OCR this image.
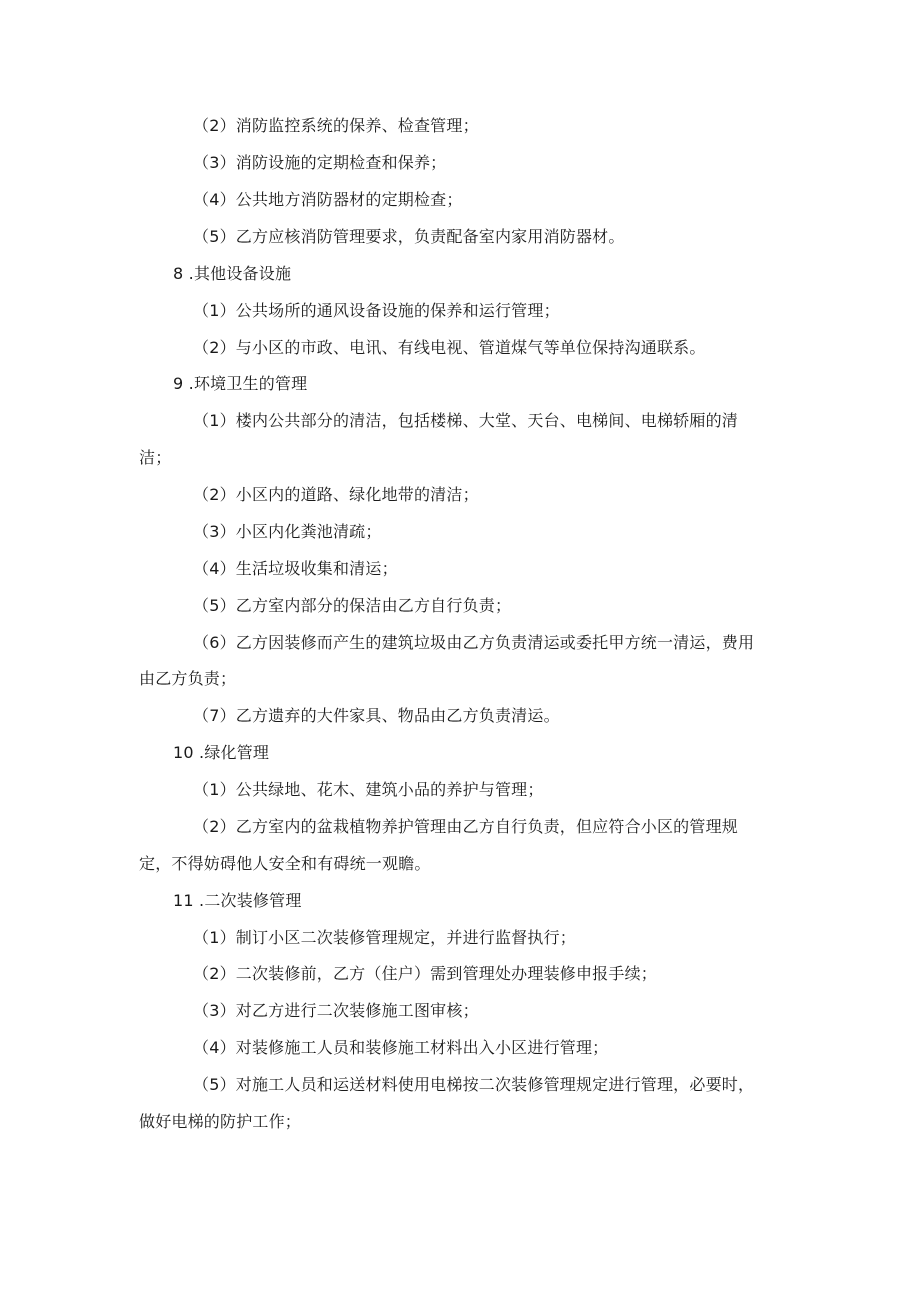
（2）消防监控系统的保养、检查管理；
（3）消防设施的定期检查和保养；
（4）公共地方消防器材的定期检查；
（5）乙方应核消防管理要求，负责配备室内家用消防器材。
8 .其他设备设施
（1）公共场所的通风设备设施的保养和运行管理；
（2）与小区的市政、电讯、有线电视、管道煤气等单位保持沟通联系。
9 .环境卫生的管理
（1）楼内公共部分的清洁，包括楼梯、大堂、天台、电梯间、电梯轿厢的清
洁；
（2）小区内的道路、绿化地带的清洁；
（3）小区内化粪池清疏；
（4）生活垃圾收集和清运；
（5）乙方室内部分的保洁由乙方自行负责；
（6）乙方因装修而产生的建筑垃圾由乙方负责清运或委托甲方统一清运，费用
由乙方负责；
（7）乙方遗弃的大件家具、物品由乙方负责清运。
10 .绿化管理
（1）公共绿地、花木、建筑小品的养护与管理；
（2）乙方室内的盆栽植物养护管理由乙方自行负责，但应符合小区的管理规
定，不得妨碍他人安全和有碍统一观瞻。
11 .二次装修管理
（1）制订小区二次装修管理规定，并进行监督执行；
（2）二次装修前，乙方（住户）需到管理处办理装修申报手续；
（3）对乙方进行二次装修施工图审核；
（4）对装修施工人员和装修施工材料出入小区进行管理；
（5）对施工人员和运送材料使用电梯按二次装修管理规定进行管理，必要时，
做好电梯的防护工作；
